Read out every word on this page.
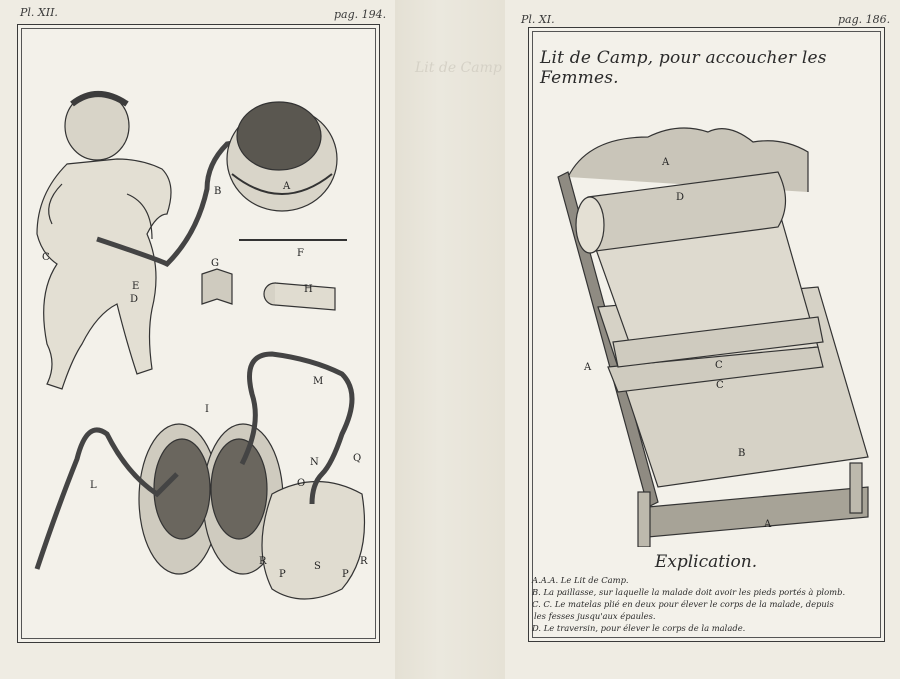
Lit de Camp
Pl. XII.	pag. 194.
A
B
C
D
E
F
G
H
I
L
M
N
O
Q
R	R
P
S
P
Pl. XI.	pag. 186.
Lit de Camp, pour accoucher les Femmes.
A
D
A	C
C
B
A
Explication.
A.A.A. Le Lit de Camp.
B. La paillasse, sur laquelle la malade doit avoir les pieds portés à plomb.
C. C. Le matelas plié en deux pour élever le corps de la malade, depuis
les fesses jusqu'aux épaules.
D. Le traversin, pour élever le corps de la malade.
